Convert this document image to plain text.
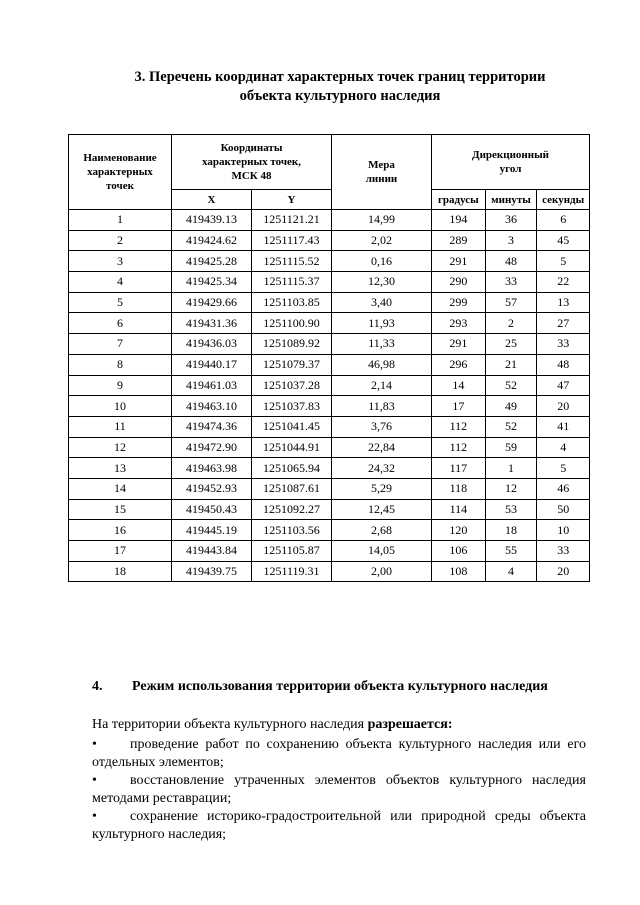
3. Перечень координат характерных точек границ территории
объекта культурного наследия
Наименование характерных точек	Координаты характерных точек, МСК 48		Мера линии	Дирекционный угол		
	X	Y		градусы	минуты	секунды
1	419439.13	1251121.21	14,99	194	36	6
2	419424.62	1251117.43	2,02	289	3	45
3	419425.28	1251115.52	0,16	291	48	5
4	419425.34	1251115.37	12,30	290	33	22
5	419429.66	1251103.85	3,40	299	57	13
6	419431.36	1251100.90	11,93	293	2	27
7	419436.03	1251089.92	11,33	291	25	33
8	419440.17	1251079.37	46,98	296	21	48
9	419461.03	1251037.28	2,14	14	52	47
10	419463.10	1251037.83	11,83	17	49	20
11	419474.36	1251041.45	3,76	112	52	41
12	419472.90	1251044.91	22,84	112	59	4
13	419463.98	1251065.94	24,32	117	1	5
14	419452.93	1251087.61	5,29	118	12	46
15	419450.43	1251092.27	12,45	114	53	50
16	419445.19	1251103.56	2,68	120	18	10
17	419443.84	1251105.87	14,05	106	55	33
18	419439.75	1251119.31	2,00	108	4	20
4. Режим использования территории объекта культурного наследия
На территории объекта культурного наследия разрешается:
• проведение работ по сохранению объекта культурного наследия или его отдельных элементов;
• восстановление утраченных элементов объектов культурного наследия методами реставрации;
• сохранение историко-градостроительной или природной среды объекта культурного наследия;
